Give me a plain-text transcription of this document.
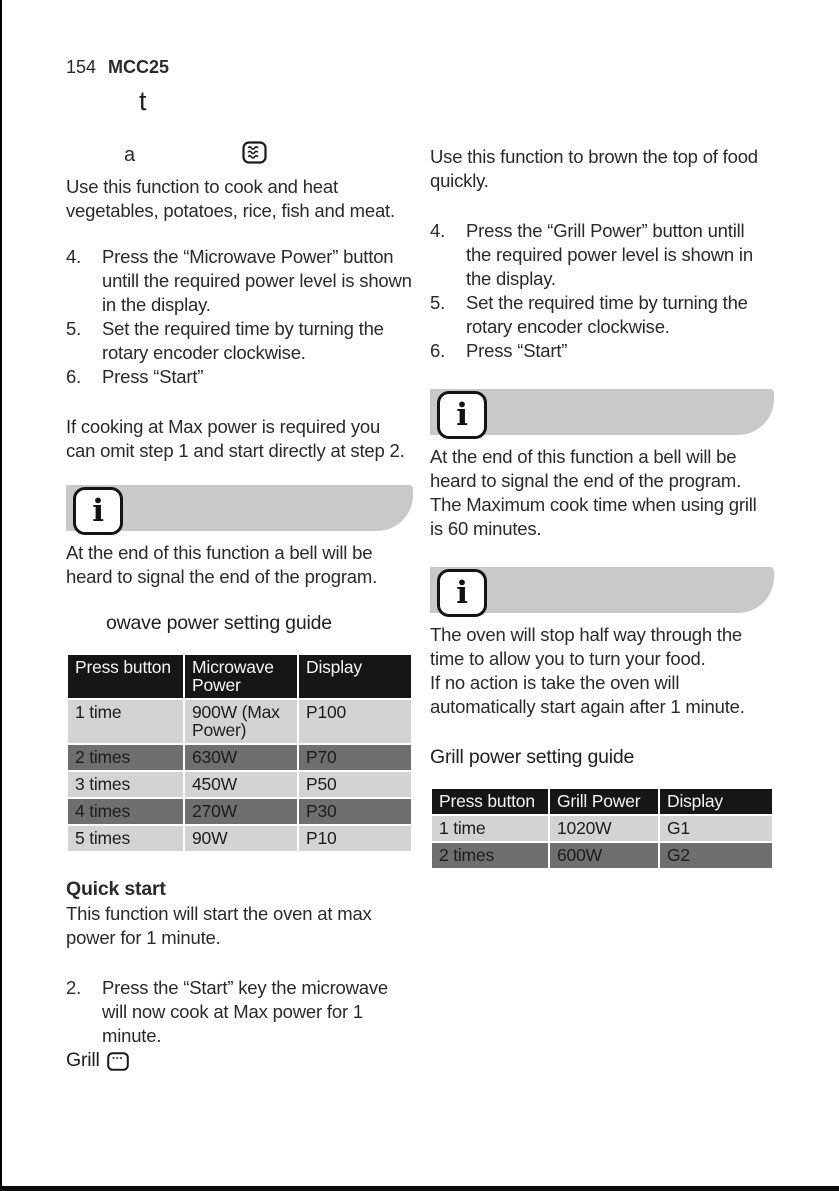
154 MCC25
t
a

Use this function to cook and heat vegetables, potatoes, rice, fish and meat.

4.	Press the “Microwave Power” button untill the required power level is shown in the display.
5.	Set the required time by turning the rotary encoder clockwise.
6.	Press “Start”

If cooking at Max power is required you can omit step 1 and start directly at step 2.

i

At the end of this function a bell will be heard to signal the end of the program.

owave power setting guide

Press button	Microwave Power	Display
1 time	900W (Max Power)	P100
2 times	630W	P70
3 times	450W	P50
4 times	270W	P30
5 times	90W	P10

Quick start

This function will start the oven at max power for 1 minute.

2.	Press the “Start” key the microwave will now cook at Max power for 1 minute.
Grill

Use this function to brown the top of food quickly.

4.	Press the “Grill Power” button untill the required power level is shown in the display.
5.	Set the required time by turning the rotary encoder clockwise.
6.	Press “Start”
i

At the end of this function a bell will be heard to signal the end of the program. The Maximum cook time when using grill is 60 minutes.

i

The oven will stop half way through the time to allow you to turn your food.

If no action is take the oven will automatically start again after 1 minute.

Grill power setting guide

Press button	Grill Power	Display
1 time	1020W	G1
2 times	600W	G2
